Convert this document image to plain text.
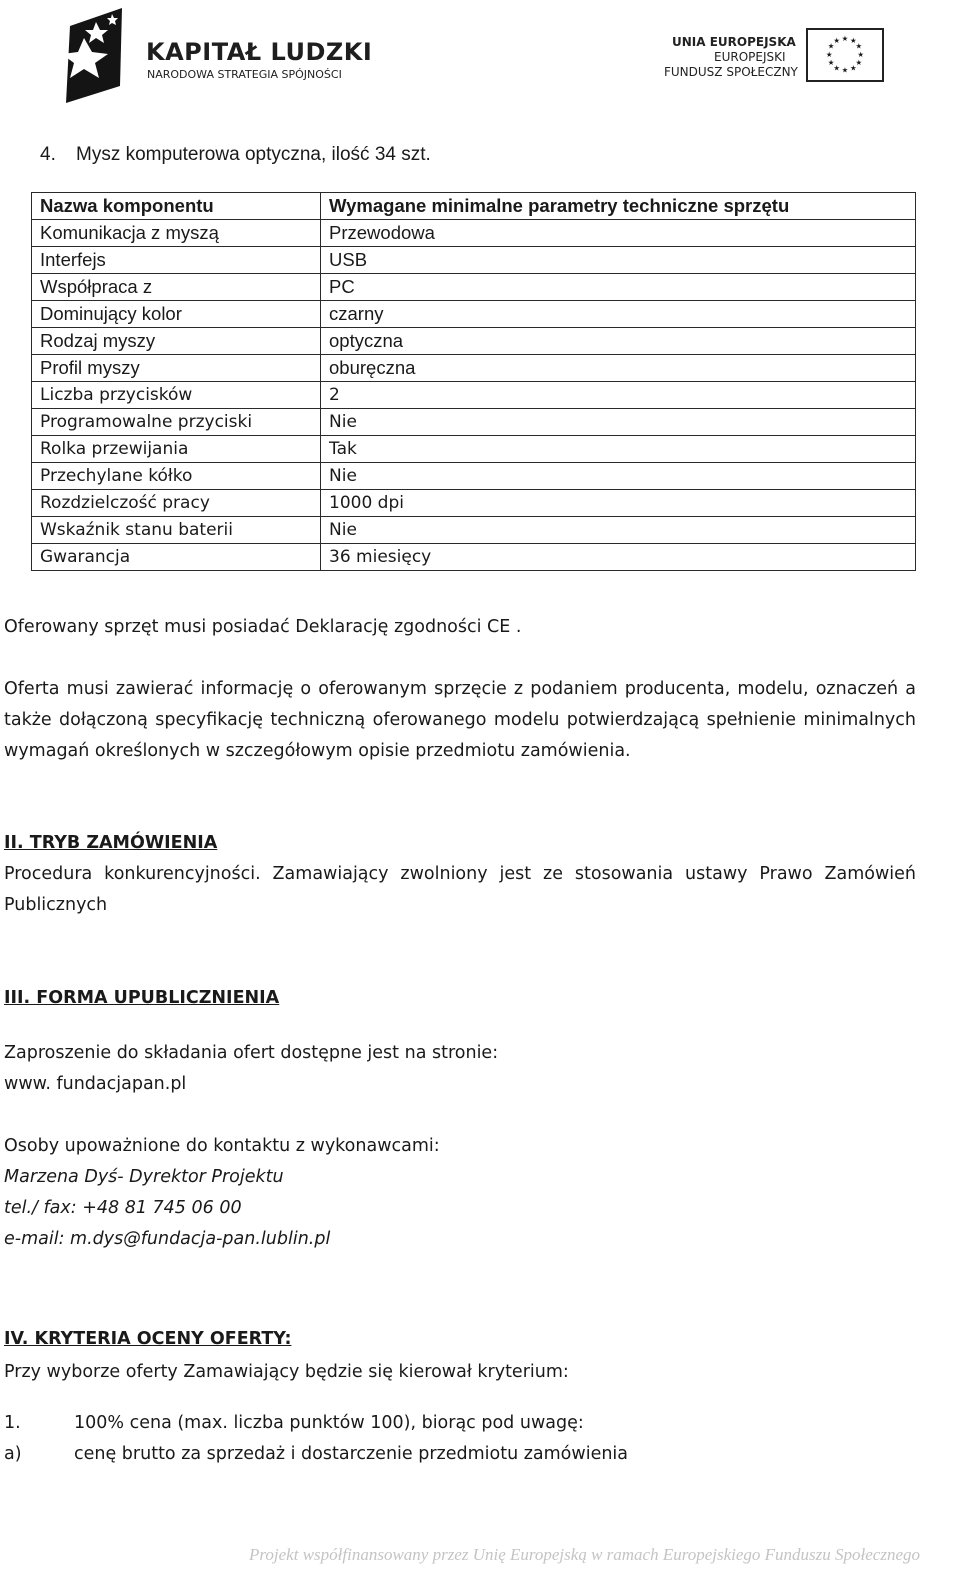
KAPITAŁ LUDZKI
NARODOWA STRATEGIA SPÓJNOŚCI
UNIA EUROPEJSKA
EUROPEJSKI
FUNDUSZ SPOŁECZNY
★ ★
★
★
★
★
★
★
★
★
★
★
4. Mysz komputerowa optyczna, ilość 34 szt.
Nazwa komponentu	Wymagane minimalne parametry techniczne sprzętu
Komunikacja z myszą	Przewodowa
Interfejs	USB
Współpraca z	PC
Dominujący kolor	czarny
Rodzaj myszy	optyczna
Profil myszy	oburęczna
Liczba przycisków	2
Programowalne przyciski	Nie
Rolka przewijania	Tak
Przechylane kółko	Nie
Rozdzielczość pracy	1000 dpi
Wskaźnik stanu baterii	Nie
Gwarancja	36 miesięcy
Oferowany sprzęt musi posiadać Deklarację zgodności CE .
Oferta musi zawierać informację o oferowanym sprzęcie z podaniem producenta, modelu, oznaczeń a także dołączoną specyfikację techniczną oferowanego modelu potwierdzającą spełnienie minimalnych wymagań określonych w szczegółowym opisie przedmiotu zamówienia.
II. TRYB ZAMÓWIENIA
Procedura konkurencyjności. Zamawiający zwolniony jest ze stosowania ustawy Prawo Zamówień Publicznych
III. FORMA UPUBLICZNIENIA
Zaproszenie do składania ofert dostępne jest na stronie:
www. fundacjapan.pl
Osoby upoważnione do kontaktu z wykonawcami:
Marzena Dyś- Dyrektor Projektu
tel./ fax: +48 81 745 06 00
e-mail: m.dys@fundacja-pan.lublin.pl
IV. KRYTERIA OCENY OFERTY:
Przy wyborze oferty Zamawiający będzie się kierował kryterium:
1.	100% cena (max. liczba punktów 100), biorąc pod uwagę:
a)	cenę brutto za sprzedaż i dostarczenie przedmiotu zamówienia
Projekt współfinansowany przez Unię Europejską w ramach Europejskiego Funduszu Społecznego
